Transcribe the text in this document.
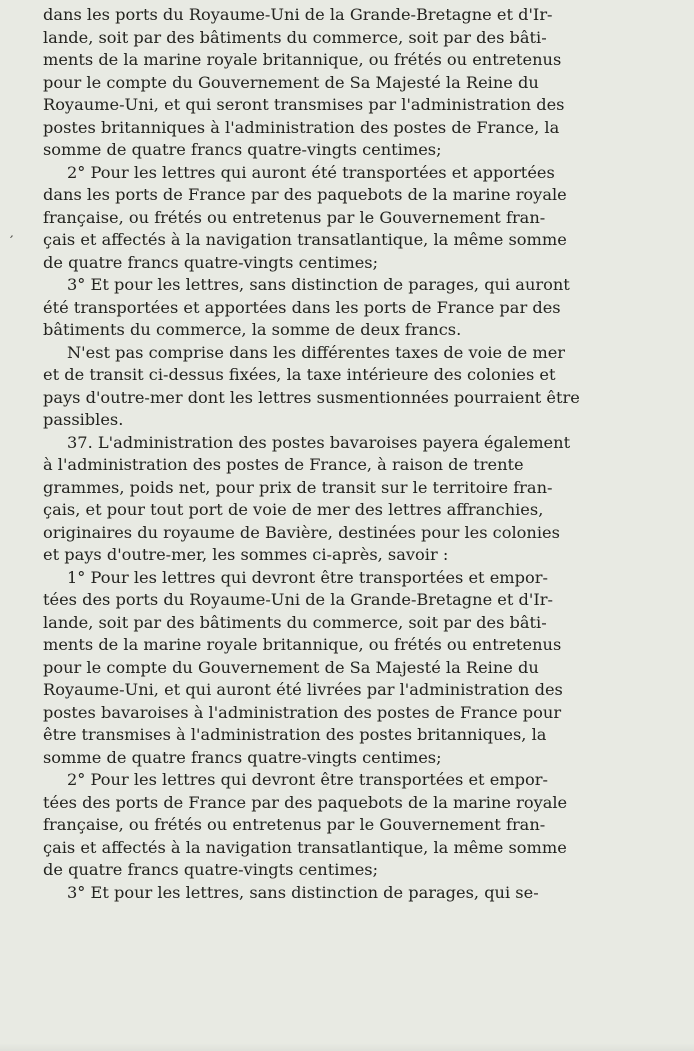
ʼ
dans les ports du Royaume-Uni de la Grande-Bretagne et d'Ir-
lande, soit par des bâtiments du commerce, soit par des bâti-
ments de la marine royale britannique, ou frétés ou entretenus
pour le compte du Gouvernement de Sa Majesté la Reine du
Royaume-Uni, et qui seront transmises par l'administration des
postes britanniques à l'administration des postes de France, la
somme de quatre francs quatre-vingts centimes;
2° Pour les lettres qui auront été transportées et apportées
dans les ports de France par des paquebots de la marine royale
française, ou frétés ou entretenus par le Gouvernement fran-
çais et affectés à la navigation transatlantique, la même somme
de quatre francs quatre-vingts centimes;
3° Et pour les lettres, sans distinction de parages, qui auront
été transportées et apportées dans les ports de France par des
bâtiments du commerce, la somme de deux francs.
N'est pas comprise dans les différentes taxes de voie de mer
et de transit ci-dessus fixées, la taxe intérieure des colonies et
pays d'outre-mer dont les lettres susmentionnées pourraient être
passibles.
37. L'administration des postes bavaroises payera également
à l'administration des postes de France, à raison de trente
grammes, poids net, pour prix de transit sur le territoire fran-
çais, et pour tout port de voie de mer des lettres affranchies,
originaires du royaume de Bavière, destinées pour les colonies
et pays d'outre-mer, les sommes ci-après, savoir :
1° Pour les lettres qui devront être transportées et empor-
tées des ports du Royaume-Uni de la Grande-Bretagne et d'Ir-
lande, soit par des bâtiments du commerce, soit par des bâti-
ments de la marine royale britannique, ou frétés ou entretenus
pour le compte du Gouvernement de Sa Majesté la Reine du
Royaume-Uni, et qui auront été livrées par l'administration des
postes bavaroises à l'administration des postes de France pour
être transmises à l'administration des postes britanniques, la
somme de quatre francs quatre-vingts centimes;
2° Pour les lettres qui devront être transportées et empor-
tées des ports de France par des paquebots de la marine royale
française, ou frétés ou entretenus par le Gouvernement fran-
çais et affectés à la navigation transatlantique, la même somme
de quatre francs quatre-vingts centimes;
3° Et pour les lettres, sans distinction de parages, qui se-
